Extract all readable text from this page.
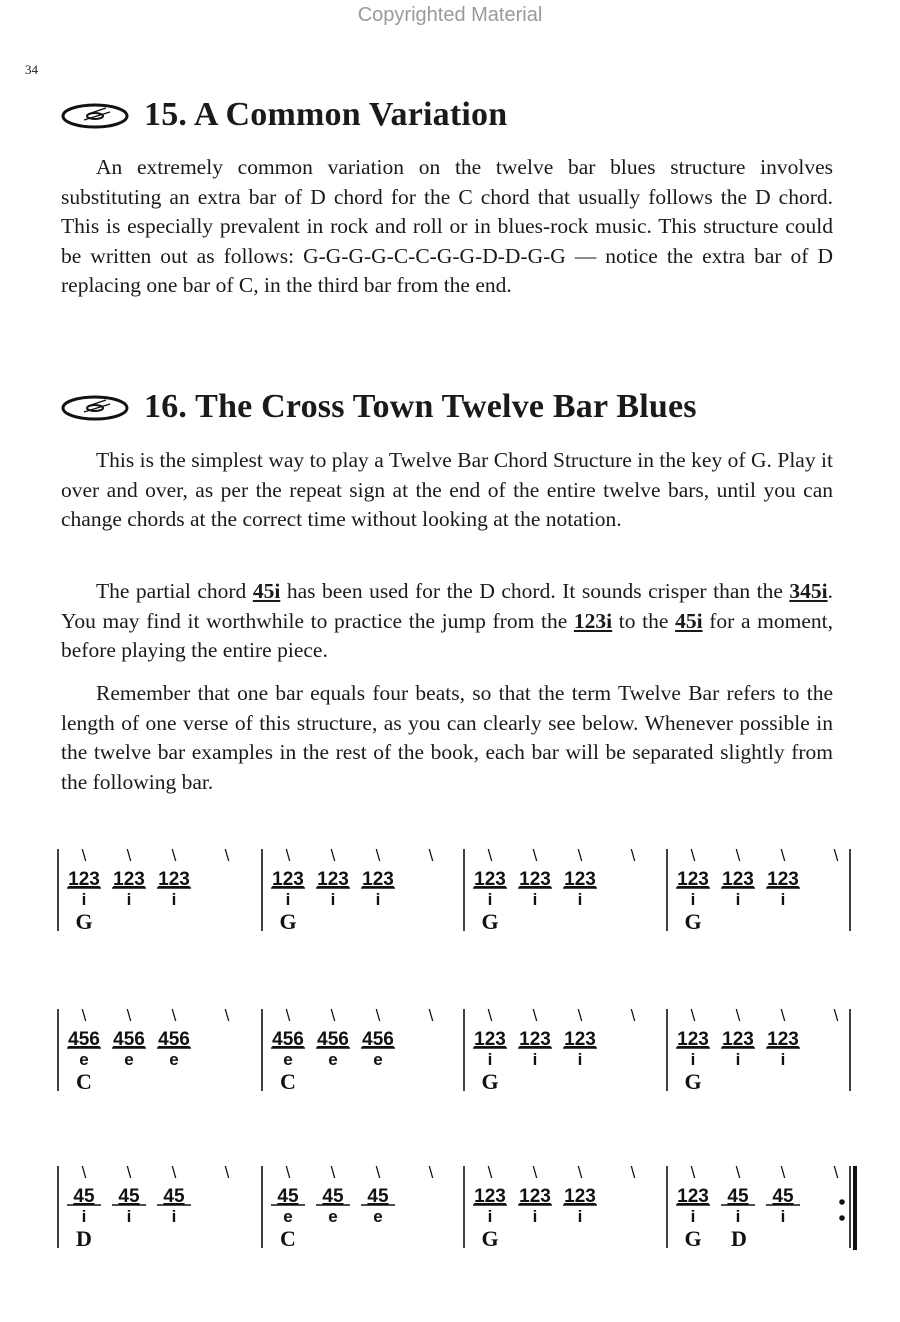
Copyrighted Material
34
15. A Common Variation

An extremely common variation on the twelve bar blues structure involves substituting an extra bar of D chord for the C chord that usually follows the D chord. This is especially prevalent in rock and roll or in blues-rock music. This structure could be written out as follows: G-G-G-G-C-C-G-G-D-D-G-G — notice the extra bar of D replacing one bar of C, in the third bar from the end.

16. The Cross Town Twelve Bar Blues

This is the simplest way to play a Twelve Bar Chord Structure in the key of G. Play it over and over, as per the repeat sign at the end of the entire twelve bars, until you can change chords at the correct time without looking at the notation.

The partial chord 45i has been used for the D chord. It sounds crisper than the 345i. You may find it worthwhile to practice the jump from the 123i to the 45i for a moment, before playing the entire piece.

Remember that one bar equals four beats, so that the term Twelve Bar refers to the length of one verse of this structure, as you can clearly see below. Whenever possible in the twelve bar examples in the rest of the book, each bar will be separated slightly from the following bar.

\ \ \	\
123
i
123
i
123
i
G
\ \ \	\
123
i
123
i
123
i
G
\ \ \	\
123
i
123
i
123
i
G
\ \ \	\
123
i
123
i
123
i
G
\ \ \	\
456
e
456
e
456
e
C
\ \ \	\
456
e
456
e
456
e
C
\ \ \	\
123
i
123
i
123
i
G
\ \ \	\
123
i
123
i
123
i
G
\ \ \	\
45
i
45
i
45
i
D
\ \ \	\
45
e
45
e
45
e
C
\ \ \	\
123
i
123
i
123
i
G
\ \ \	\
123
i
45
i
45
i
G D
